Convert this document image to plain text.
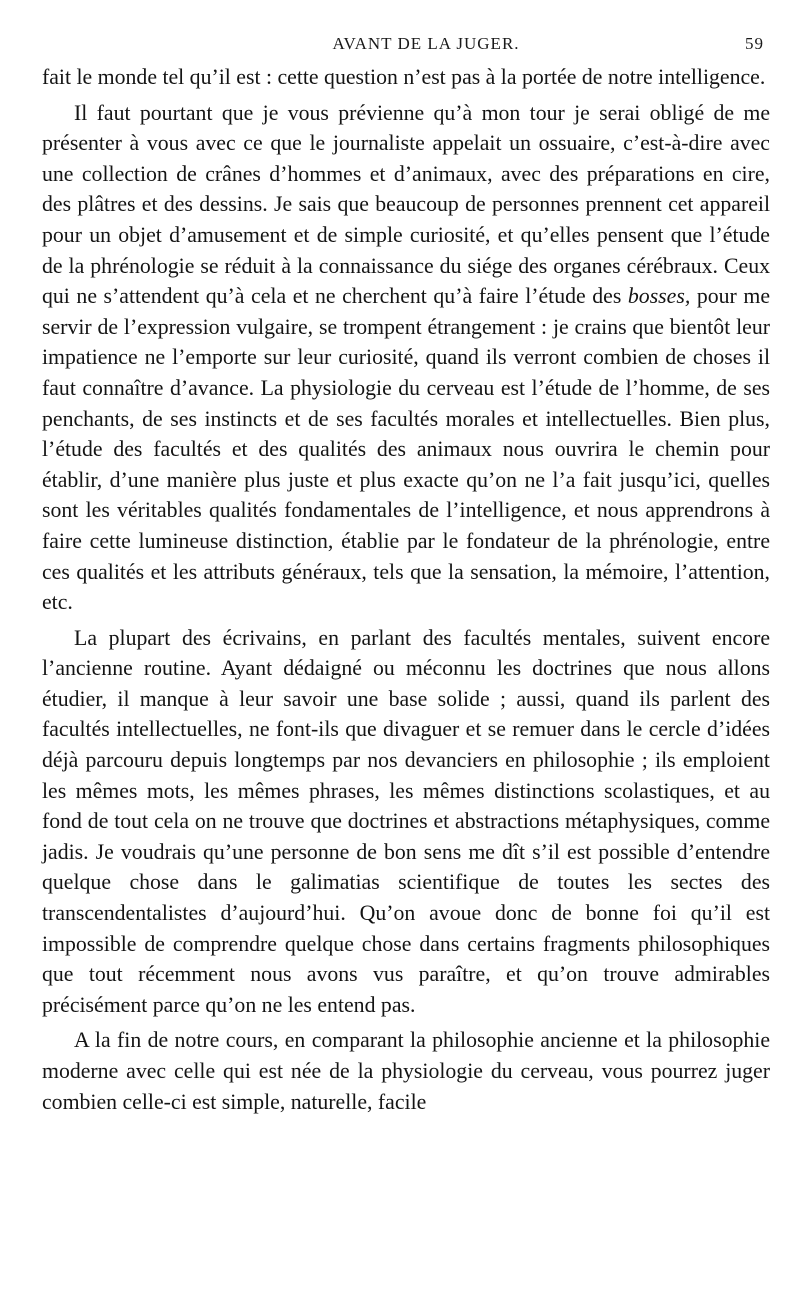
AVANT DE LA JUGER.	59

fait le monde tel qu’il est : cette question n’est pas à la portée de notre intelligence.

Il faut pourtant que je vous prévienne qu’à mon tour je serai obligé de me présenter à vous avec ce que le journaliste appelait un ossuaire, c’est-à-dire avec une collection de crânes d’hommes et d’animaux, avec des préparations en cire, des plâtres et des dessins. Je sais que beaucoup de personnes prennent cet appareil pour un objet d’amusement et de simple curiosité, et qu’elles pensent que l’étude de la phrénologie se réduit à la connaissance du siége des organes cérébraux. Ceux qui ne s’attendent qu’à cela et ne cherchent qu’à faire l’étude des bosses, pour me servir de l’expression vulgaire, se trompent étrangement : je crains que bientôt leur impatience ne l’emporte sur leur curiosité, quand ils verront combien de choses il faut connaître d’avance. La physiologie du cerveau est l’étude de l’homme, de ses penchants, de ses instincts et de ses facultés morales et intellectuelles. Bien plus, l’étude des facultés et des qualités des animaux nous ouvrira le chemin pour établir, d’une manière plus juste et plus exacte qu’on ne l’a fait jusqu’ici, quelles sont les véritables qualités fondamentales de l’intelligence, et nous apprendrons à faire cette lumineuse distinction, établie par le fondateur de la phrénologie, entre ces qualités et les attributs généraux, tels que la sensation, la mémoire, l’attention, etc.

La plupart des écrivains, en parlant des facultés mentales, suivent encore l’ancienne routine. Ayant dédaigné ou méconnu les doctrines que nous allons étudier, il manque à leur savoir une base solide ; aussi, quand ils parlent des facultés intellectuelles, ne font-ils que divaguer et se remuer dans le cercle d’idées déjà parcouru depuis longtemps par nos devanciers en philosophie ; ils emploient les mêmes mots, les mêmes phrases, les mêmes distinctions scolastiques, et au fond de tout cela on ne trouve que doctrines et abstractions métaphysiques, comme jadis. Je voudrais qu’une personne de bon sens me dît s’il est possible d’entendre quelque chose dans le galimatias scientifique de toutes les sectes des transcendentalistes d’aujourd’hui. Qu’on avoue donc de bonne foi qu’il est impossible de comprendre quelque chose dans certains fragments philosophiques que tout récemment nous avons vus paraître, et qu’on trouve admirables précisément parce qu’on ne les entend pas.

A la fin de notre cours, en comparant la philosophie ancienne et la philosophie moderne avec celle qui est née de la physiologie du cerveau, vous pourrez juger combien celle-ci est simple, naturelle, facile
